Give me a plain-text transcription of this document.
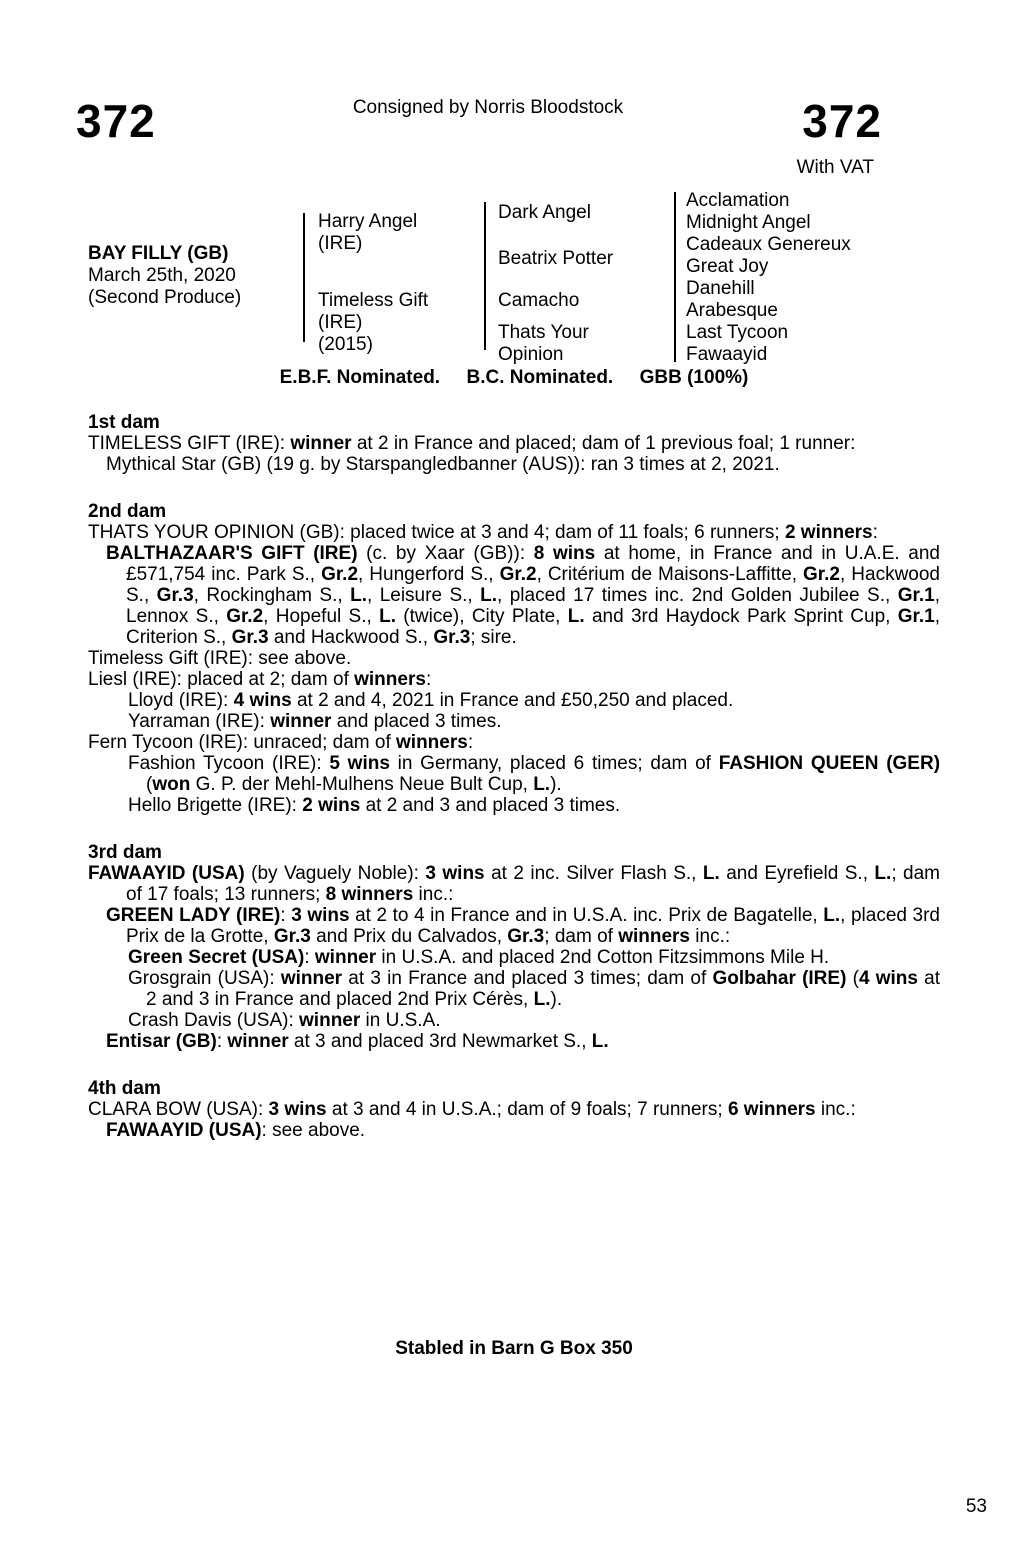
372	Consigned by Norris Bloodstock	372
With VAT
BAY FILLY (GB)
March 25th, 2020
(Second Produce)
Harry Angel
(IRE)
Timeless Gift
(IRE)
(2015)
Dark Angel
Beatrix Potter
Camacho
Thats Your Opinion
Acclamation
Midnight Angel
Cadeaux Genereux
Great Joy
Danehill
Arabesque
Last Tycoon
Fawaayid
E.B.F. Nominated.     B.C. Nominated.     GBB (100%)
1st dam

TIMELESS GIFT (IRE): winner at 2 in France and placed; dam of 1 previous foal; 1 runner:

Mythical Star (GB) (19 g. by Starspangledbanner (AUS)): ran 3 times at 2, 2021.

2nd dam

THATS YOUR OPINION (GB): placed twice at 3 and 4; dam of 11 foals; 6 runners; 2 winners:

BALTHAZAAR'S GIFT (IRE) (c. by Xaar (GB)): 8 wins at home, in France and in U.A.E. and £571,754 inc. Park S., Gr.2, Hungerford S., Gr.2, Critérium de Maisons-Laffitte, Gr.2, Hackwood S., Gr.3, Rockingham S., L., Leisure S., L., placed 17 times inc. 2nd Golden Jubilee S., Gr.1, Lennox S., Gr.2, Hopeful S., L. (twice), City Plate, L. and 3rd Haydock Park Sprint Cup, Gr.1, Criterion S., Gr.3 and Hackwood S., Gr.3; sire.

Timeless Gift (IRE): see above.

Liesl (IRE): placed at 2; dam of winners:

Lloyd (IRE): 4 wins at 2 and 4, 2021 in France and £50,250 and placed.

Yarraman (IRE): winner and placed 3 times.

Fern Tycoon (IRE): unraced; dam of winners:

Fashion Tycoon (IRE): 5 wins in Germany, placed 6 times; dam of FASHION QUEEN (GER) (won G. P. der Mehl-Mulhens Neue Bult Cup, L.).

Hello Brigette (IRE): 2 wins at 2 and 3 and placed 3 times.

3rd dam

FAWAAYID (USA) (by Vaguely Noble): 3 wins at 2 inc. Silver Flash S., L. and Eyrefield S., L.; dam of 17 foals; 13 runners; 8 winners inc.:

GREEN LADY (IRE): 3 wins at 2 to 4 in France and in U.S.A. inc. Prix de Bagatelle, L., placed 3rd Prix de la Grotte, Gr.3 and Prix du Calvados, Gr.3; dam of winners inc.:

Green Secret (USA): winner in U.S.A. and placed 2nd Cotton Fitzsimmons Mile H.

Grosgrain (USA): winner at 3 in France and placed 3 times; dam of Golbahar (IRE) (4 wins at 2 and 3 in France and placed 2nd Prix Cérès, L.).

Crash Davis (USA): winner in U.S.A.

Entisar (GB): winner at 3 and placed 3rd Newmarket S., L.

4th dam

CLARA BOW (USA): 3 wins at 3 and 4 in U.S.A.; dam of 9 foals; 7 runners; 6 winners inc.:

FAWAAYID (USA): see above.

Stabled in Barn G Box 350
53
